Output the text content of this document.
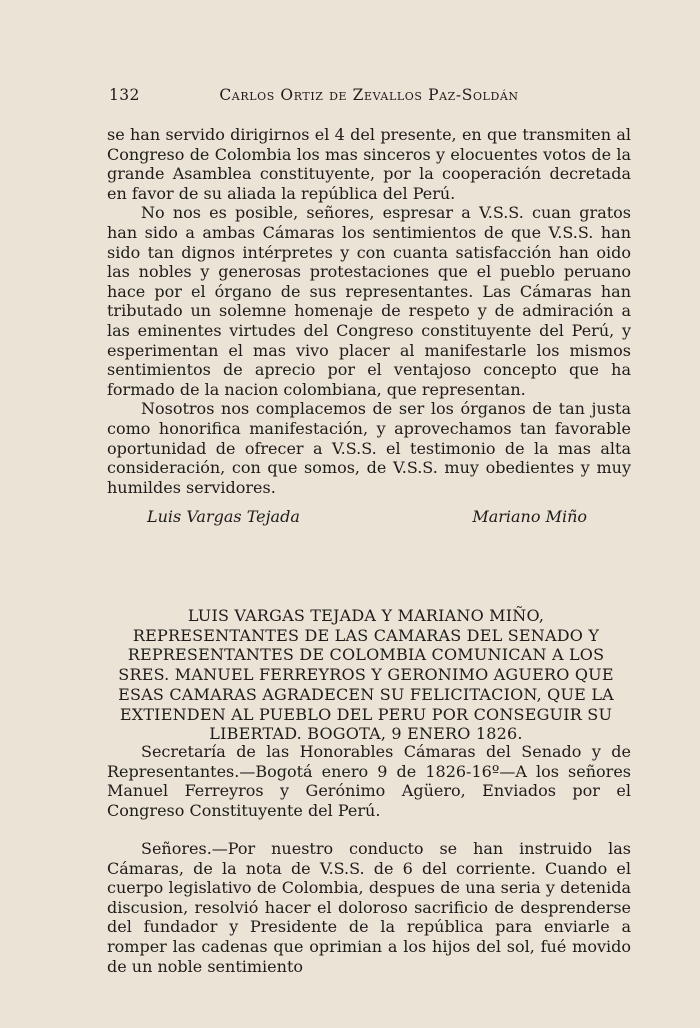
132	Carlos Ortiz de Zevallos Paz-Soldán

se han servido dirigirnos el 4 del presente, en que transmiten al Congreso de Colombia los mas sinceros y elocuentes votos de la grande Asamblea constituyente, por la cooperación decretada en favor de su aliada la república del Perú.

No nos es posible, señores, espresar a V.S.S. cuan gratos han sido a ambas Cámaras los sentimientos de que V.S.S. han sido tan dignos intérpretes y con cuanta satisfacción han oido las nobles y generosas protestaciones que el pueblo peruano hace por el órgano de sus representantes. Las Cámaras han tributado un solemne homenaje de respeto y de admiración a las eminentes virtudes del Congreso constituyente del Perú, y esperimentan el mas vivo placer al manifestarle los mismos sentimientos de aprecio por el ventajoso concepto que ha formado de la nacion colombiana, que representan.

Nosotros nos complacemos de ser los órganos de tan justa como honorifica manifestación, y aprovechamos tan favorable oportunidad de ofrecer a V.S.S. el testimonio de la mas alta consideración, con que somos, de V.S.S. muy obedientes y muy humildes servidores.

Luis Vargas Tejada	Mariano Miño
LUIS VARGAS TEJADA Y MARIANO MIÑO, REPRESENTANTES DE LAS CAMARAS DEL SENADO Y REPRESENTANTES DE COLOMBIA COMUNICAN A LOS SRES. MANUEL FERREYROS Y GERONIMO AGUERO QUE ESAS CAMARAS AGRADECEN SU FELICITACION, QUE LA EXTIENDEN AL PUEBLO DEL PERU POR CONSEGUIR SU LIBERTAD. BOGOTA, 9 ENERO 1826.

Secretaría de las Honorables Cámaras del Senado y de Representantes.—Bogotá enero 9 de 1826-16º—A los señores Manuel Ferreyros y Gerónimo Agüero, Enviados por el Congreso Constituyente del Perú.

Señores.—Por nuestro conducto se han instruido las Cámaras, de la nota de V.S.S. de 6 del corriente. Cuando el cuerpo legislativo de Colombia, despues de una seria y detenida discusion, resolvió hacer el doloroso sacrificio de desprenderse del fundador y Presidente de la república para enviarle a romper las cadenas que oprimian a los hijos del sol, fué movido de un noble sentimiento
